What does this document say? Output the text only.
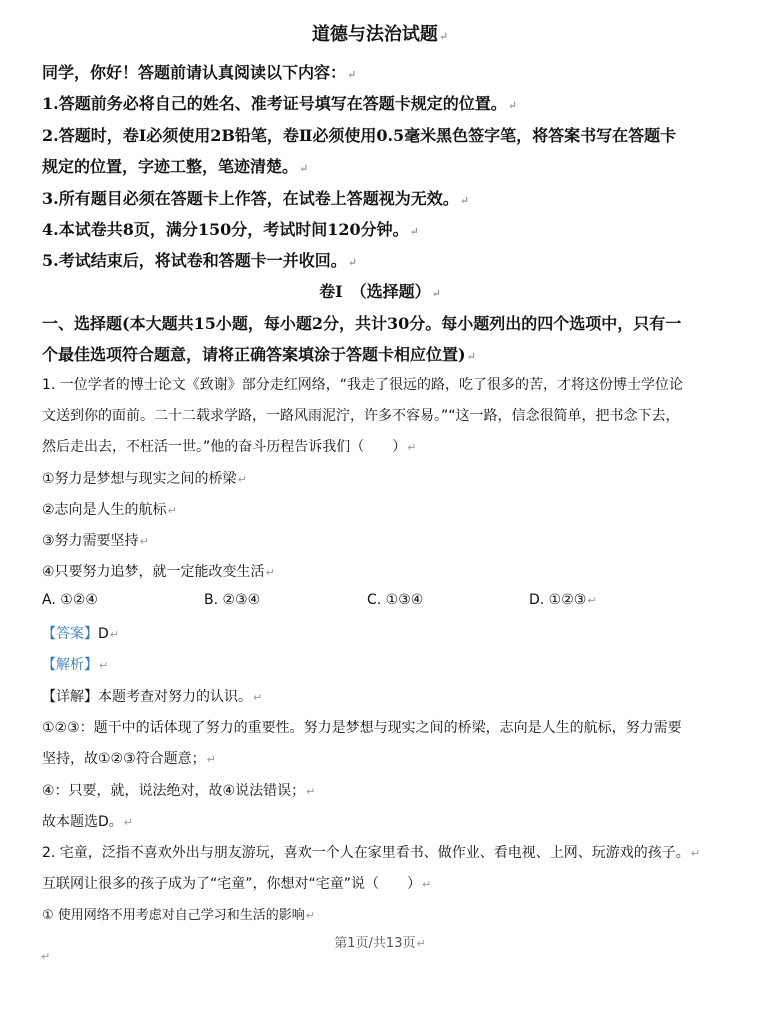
道德与法治试题↵
同学，你好！答题前请认真阅读以下内容：↵
1.答题前务必将自己的姓名、准考证号填写在答题卡规定的位置。↵
2.答题时，卷Ⅰ必须使用2B铅笔，卷Ⅱ必须使用0.5毫米黑色签字笔，将答案书写在答题卡
规定的位置，字迹工整，笔迹清楚。↵
3.所有题目必须在答题卡上作答，在试卷上答题视为无效。↵
4.本试卷共8页，满分150分，考试时间120分钟。↵
5.考试结束后，将试卷和答题卡一并收回。↵
卷Ⅰ　（选择题）↵
一、选择题(本大题共15小题，每小题2分，共计30分。每小题列出的四个选项中，只有一
个最佳选项符合题意，请将正确答案填涂于答题卡相应位置)↵
1. 一位学者的博士论文《致谢》部分走红网络，“我走了很远的路，吃了很多的苦，才将这份博士学位论
文送到你的面前。二十二载求学路，一路风雨泥泞，许多不容易。”“这一路，信念很简单，把书念下去，
然后走出去，不枉活一世。”他的奋斗历程告诉我们（　　）↵
①努力是梦想与现实之间的桥梁↵
②志向是人生的航标↵
③努力需要坚持↵
④只要努力追梦，就一定能改变生活↵
A. ①②④	B. ②③④	C. ①③④	D. ①②③↵
【答案】D↵
【解析】↵
【详解】本题考查对努力的认识。↵
①②③：题干中的话体现了努力的重要性。努力是梦想与现实之间的桥梁，志向是人生的航标，努力需要
坚持，故①②③符合题意；↵
④：只要，就，说法绝对，故④说法错误；↵
故本题选D。↵
2. 宅童，泛指不喜欢外出与朋友游玩，喜欢一个人在家里看书、做作业、看电视、上网、玩游戏的孩子。↵
互联网让很多的孩子成为了“宅童”，你想对“宅童”说（　　）↵
① 使用网络不用考虑对自己学习和生活的影响↵
第1页/共13页↵
↵
